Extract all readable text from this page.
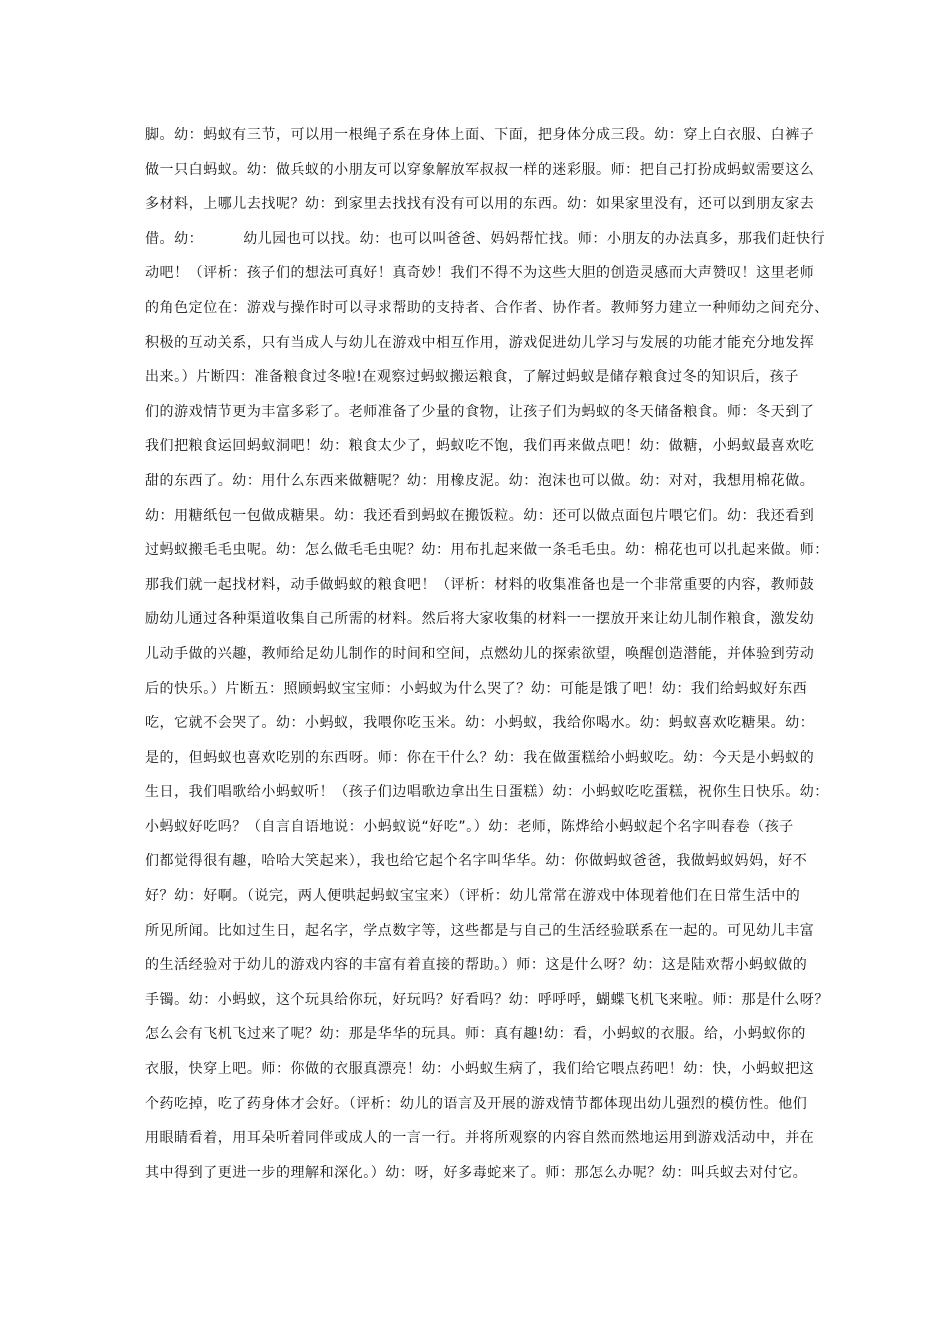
脚。幼：蚂蚁有三节，可以用一根绳子系在身体上面、下面，把身体分成三段。幼：穿上白衣服、白裤子
做一只白蚂蚁。幼：做兵蚁的小朋友可以穿象解放军叔叔一样的迷彩服。师：把自己打扮成蚂蚁需要这么
多材料，上哪儿去找呢？幼：到家里去找找有没有可以用的东西。幼：如果家里没有，还可以到朋友家去
借。幼：        幼儿园也可以找。幼：也可以叫爸爸、妈妈帮忙找。师：小朋友的办法真多，那我们赶快行
动吧！（评析：孩子们的想法可真好！真奇妙！我们不得不为这些大胆的创造灵感而大声赞叹！这里老师
的角色定位在：游戏与操作时可以寻求帮助的支持者、合作者、协作者。教师努力建立一种师幼之间充分、
积极的互动关系，只有当成人与幼儿在游戏中相互作用，游戏促进幼儿学习与发展的功能才能充分地发挥
出来。）片断四：准备粮食过冬啦!在观察过蚂蚁搬运粮食，了解过蚂蚁是储存粮食过冬的知识后，孩子
们的游戏情节更为丰富多彩了。老师准备了少量的食物，让孩子们为蚂蚁的冬天储备粮食。师：冬天到了
我们把粮食运回蚂蚁洞吧！幼：粮食太少了，蚂蚁吃不饱，我们再来做点吧！幼：做糖，小蚂蚁最喜欢吃
甜的东西了。幼：用什么东西来做糖呢？幼：用橡皮泥。幼：泡沫也可以做。幼：对对，我想用棉花做。
幼：用糖纸包一包做成糖果。幼：我还看到蚂蚁在搬饭粒。幼：还可以做点面包片喂它们。幼：我还看到
过蚂蚁搬毛毛虫呢。幼：怎么做毛毛虫呢？幼：用布扎起来做一条毛毛虫。幼：棉花也可以扎起来做。师：
那我们就一起找材料，动手做蚂蚁的粮食吧！（评析：材料的收集准备也是一个非常重要的内容，教师鼓
励幼儿通过各种渠道收集自己所需的材料。然后将大家收集的材料一一摆放开来让幼儿制作粮食，激发幼
儿动手做的兴趣，教师给足幼儿制作的时间和空间，点燃幼儿的探索欲望，唤醒创造潜能，并体验到劳动
后的快乐。）片断五：照顾蚂蚁宝宝师：小蚂蚁为什么哭了？幼：可能是饿了吧！幼：我们给蚂蚁好东西
吃，它就不会哭了。幼：小蚂蚁，我喂你吃玉米。幼：小蚂蚁，我给你喝水。幼：蚂蚁喜欢吃糖果。幼：
是的，但蚂蚁也喜欢吃别的东西呀。师：你在干什么？幼：我在做蛋糕给小蚂蚁吃。幼：今天是小蚂蚁的
生日，我们唱歌给小蚂蚁听！（孩子们边唱歌边拿出生日蛋糕）幼：小蚂蚁吃吃蛋糕，祝你生日快乐。幼：
小蚂蚁好吃吗？（自言自语地说：小蚂蚁说“好吃”。）幼：老师，陈烨给小蚂蚁起个名字叫春卷（孩子
们都觉得很有趣，哈哈大笑起来），我也给它起个名字叫华华。幼：你做蚂蚁爸爸，我做蚂蚁妈妈，好不
好？幼：好啊。（说完，两人便哄起蚂蚁宝宝来）（评析：幼儿常常在游戏中体现着他们在日常生活中的
所见所闻。比如过生日，起名字，学点数字等，这些都是与自己的生活经验联系在一起的。可见幼儿丰富
的生活经验对于幼儿的游戏内容的丰富有着直接的帮助。）师：这是什么呀？幼：这是陆欢帮小蚂蚁做的
手镯。幼：小蚂蚁，这个玩具给你玩，好玩吗？好看吗？幼：呼呼呼，蝴蝶飞机飞来啦。师：那是什么呀？
怎么会有飞机飞过来了呢？幼：那是华华的玩具。师：真有趣!幼：看，小蚂蚁的衣服。给，小蚂蚁你的
衣服，快穿上吧。师：你做的衣服真漂亮！幼：小蚂蚁生病了，我们给它喂点药吧！幼：快，小蚂蚁把这
个药吃掉，吃了药身体才会好。（评析：幼儿的语言及开展的游戏情节都体现出幼儿强烈的模仿性。他们
用眼睛看着，用耳朵听着同伴或成人的一言一行。并将所观察的内容自然而然地运用到游戏活动中，并在
其中得到了更进一步的理解和深化。）幼：呀，好多毒蛇来了。师：那怎么办呢？幼：叫兵蚁去对付它。
